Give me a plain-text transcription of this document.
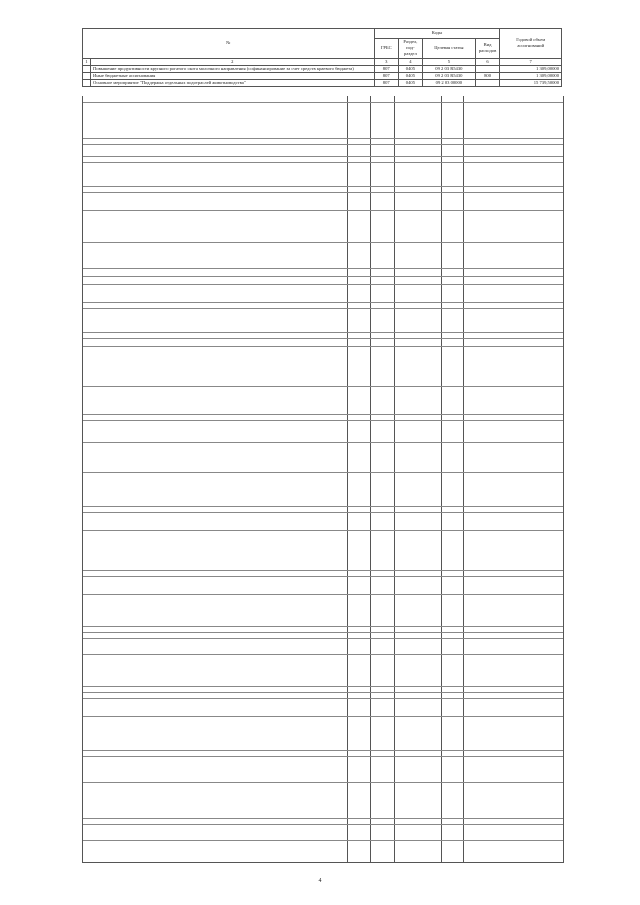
№		Коды				Годовой объем ассигнований
		ГРБС	Раздел, под-раздел	Целевая статья	Вид расходов	
1	2	3	4	5	6	7
	Повышение продуктивности крупного рогатого скота молочного направления (софинансирование за счет средств краевого бюджета)	807	0405	09 2 03 R5430		1 309,00000
	Иные бюджетные ассигнования	807	0405	09 2 03 R5430	800	1 309,00000
	Основное мероприятие "Поддержка отдельных подотраслей животноводства"	807	0405	09 2 03 00000		15 739,50000
4
